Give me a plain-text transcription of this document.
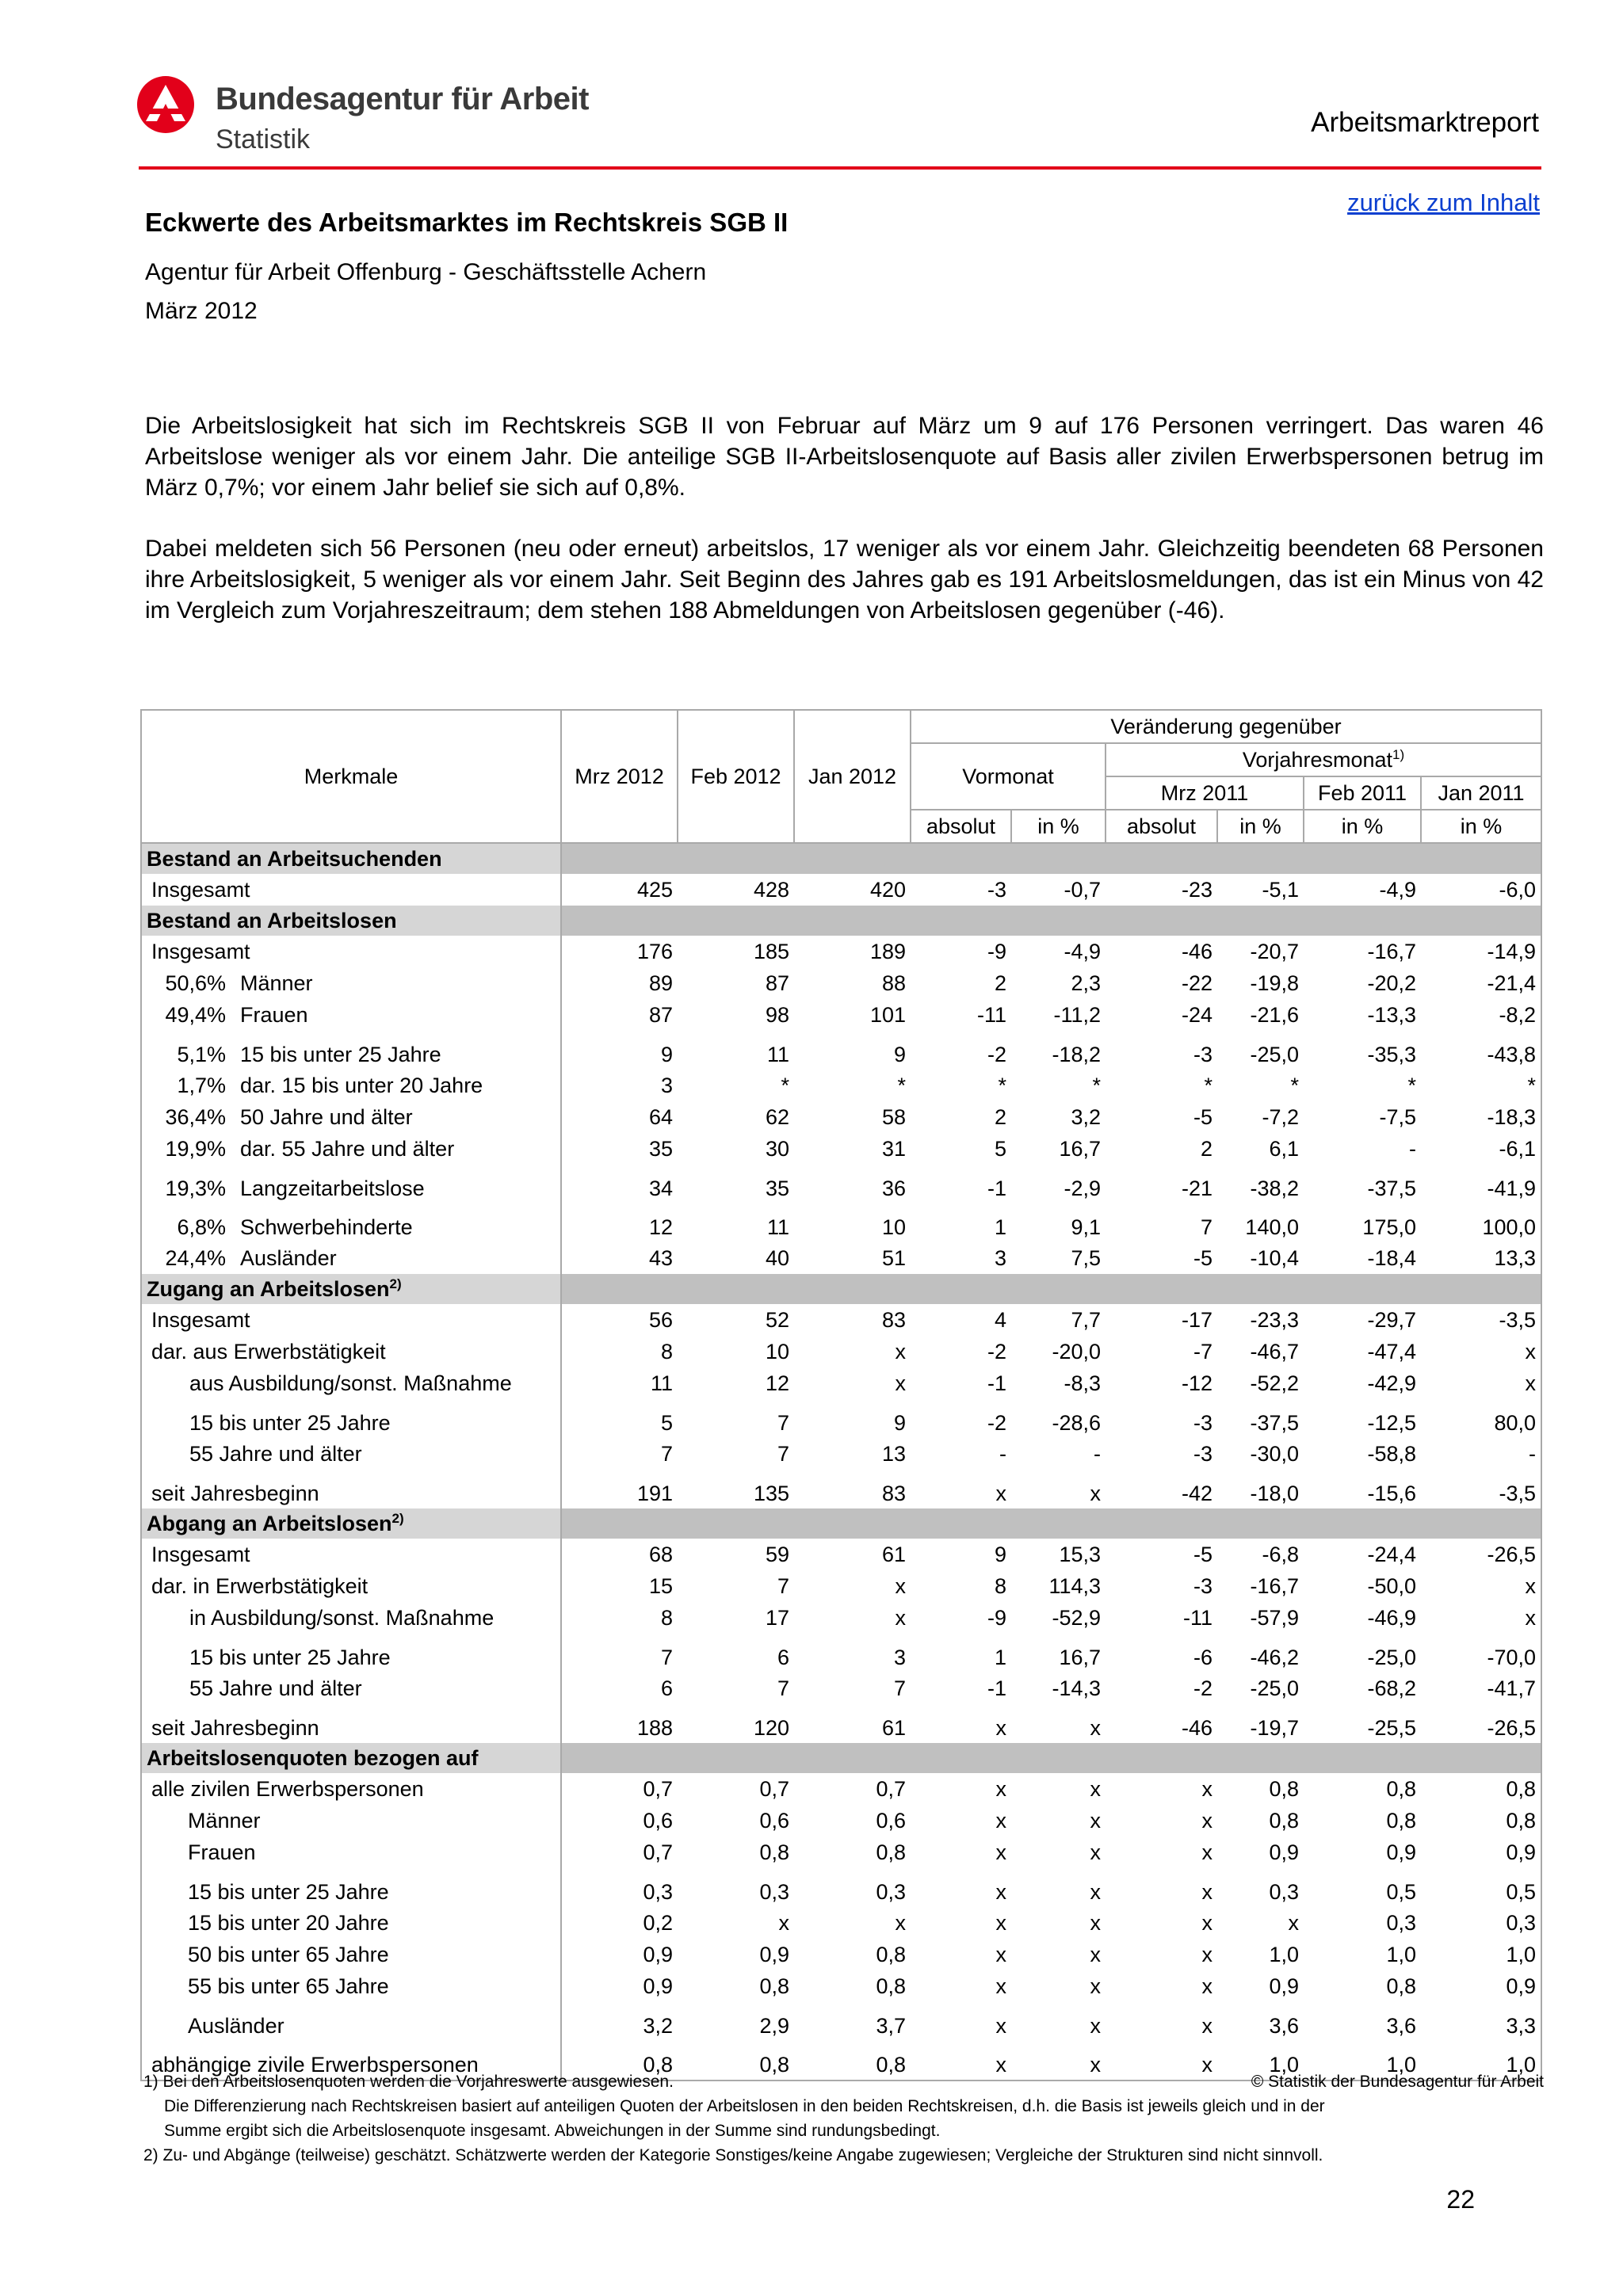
Bundesagentur für Arbeit
Statistik
Arbeitsmarktreport
zurück zum Inhalt
Eckwerte des Arbeitsmarktes im Rechtskreis SGB II
Agentur für Arbeit Offenburg - Geschäftsstelle Achern
März 2012
Die Arbeitslosigkeit hat sich im Rechtskreis SGB II von Februar auf März um 9 auf 176 Personen verringert. Das waren 46 Arbeitslose weniger als vor einem Jahr. Die anteilige SGB II-Arbeitslosenquote auf Basis aller zivilen Erwerbspersonen betrug im März 0,7%; vor einem Jahr belief sie sich auf 0,8%.
Dabei meldeten sich 56 Personen (neu oder erneut) arbeitslos, 17 weniger als vor einem Jahr. Gleichzeitig beendeten 68 Personen ihre Arbeitslosigkeit, 5 weniger als vor einem Jahr. Seit Beginn des Jahres gab es 191 Arbeitslosmeldungen, das ist ein Minus von 42 im Vergleich zum Vorjahreszeitraum; dem stehen 188 Abmeldungen von Arbeitslosen gegenüber (-46).
Merkmale	Mrz 2012	Feb 2012	Jan 2012	Veränderung gegenüber					
				Vormonat		Vorjahresmonat$^{1)}$
						Mrz 2011		Feb 2011	Jan 2011
				absolut	in %	absolut	in %	in %	in %
Bestand an Arbeitsuchenden									
Insgesamt	425	428	420	-3	-0,7	-23	-5,1	-4,9	-6,0
Bestand an Arbeitslosen									
Insgesamt	176	185	189	-9	-4,9	-46	-20,7	-16,7	-14,9
50,6% Männer	89	87	88	2	2,3	-22	-19,8	-20,2	-21,4
49,4% Frauen	87	98	101	-11	-11,2	-24	-21,6	-13,3	-8,2
5,1% 15 bis unter 25 Jahre	9	11	9	-2	-18,2	-3	-25,0	-35,3	-43,8
1,7% dar. 15 bis unter 20 Jahre	3	*	*	*	*	*	*	*	*
36,4% 50 Jahre und älter	64	62	58	2	3,2	-5	-7,2	-7,5	-18,3
19,9% dar. 55 Jahre und älter	35	30	31	5	16,7	2	6,1	-	-6,1
19,3% Langzeitarbeitslose	34	35	36	-1	-2,9	-21	-38,2	-37,5	-41,9
6,8% Schwerbehinderte	12	11	10	1	9,1	7	140,0	175,0	100,0
24,4% Ausländer	43	40	51	3	7,5	-5	-10,4	-18,4	13,3
Zugang an Arbeitslosen$^{2)}$	
Insgesamt	56	52	83	4	7,7	-17	-23,3	-29,7	-3,5
dar. aus Erwerbstätigkeit	8	10	x	-2	-20,0	-7	-46,7	-47,4	x
aus Ausbildung/sonst. Maßnahme	11	12	x	-1	-8,3	-12	-52,2	-42,9	x
15 bis unter 25 Jahre	5	7	9	-2	-28,6	-3	-37,5	-12,5	80,0
55 Jahre und älter	7	7	13	-	-	-3	-30,0	-58,8	-
seit Jahresbeginn	191	135	83	x	x	-42	-18,0	-15,6	-3,5
Abgang an Arbeitslosen$^{2)}$	
Insgesamt	68	59	61	9	15,3	-5	-6,8	-24,4	-26,5
dar. in Erwerbstätigkeit	15	7	x	8	114,3	-3	-16,7	-50,0	x
in Ausbildung/sonst. Maßnahme	8	17	x	-9	-52,9	-11	-57,9	-46,9	x
15 bis unter 25 Jahre	7	6	3	1	16,7	-6	-46,2	-25,0	-70,0
55 Jahre und älter	6	7	7	-1	-14,3	-2	-25,0	-68,2	-41,7
seit Jahresbeginn	188	120	61	x	x	-46	-19,7	-25,5	-26,5
Arbeitslosenquoten bezogen auf									
alle zivilen Erwerbspersonen	0,7	0,7	0,7	x	x	x	0,8	0,8	0,8
Männer	0,6	0,6	0,6	x	x	x	0,8	0,8	0,8
Frauen	0,7	0,8	0,8	x	x	x	0,9	0,9	0,9
15 bis unter 25 Jahre	0,3	0,3	0,3	x	x	x	0,3	0,5	0,5
15 bis unter 20 Jahre	0,2	x	x	x	x	x	x	0,3	0,3
50 bis unter 65 Jahre	0,9	0,9	0,8	x	x	x	1,0	1,0	1,0
55 bis unter 65 Jahre	0,9	0,8	0,8	x	x	x	0,9	0,8	0,9
Ausländer	3,2	2,9	3,7	x	x	x	3,6	3,6	3,3
abhängige zivile Erwerbspersonen	0,8	0,8	0,8	x	x	x	1,0	1,0	1,0
1) Bei den Arbeitslosenquoten werden die Vorjahreswerte ausgewiesen.	© Statistik der Bundesagentur für Arbeit
Die Differenzierung nach Rechtskreisen basiert auf anteiligen Quoten der Arbeitslosen in den beiden Rechtskreisen, d.h. die Basis ist jeweils gleich und in der
Summe ergibt sich die Arbeitslosenquote insgesamt. Abweichungen in der Summe sind rundungsbedingt.
2) Zu- und Abgänge (teilweise) geschätzt. Schätzwerte werden der Kategorie Sonstiges/keine Angabe zugewiesen; Vergleiche der Strukturen sind nicht sinnvoll.
22
